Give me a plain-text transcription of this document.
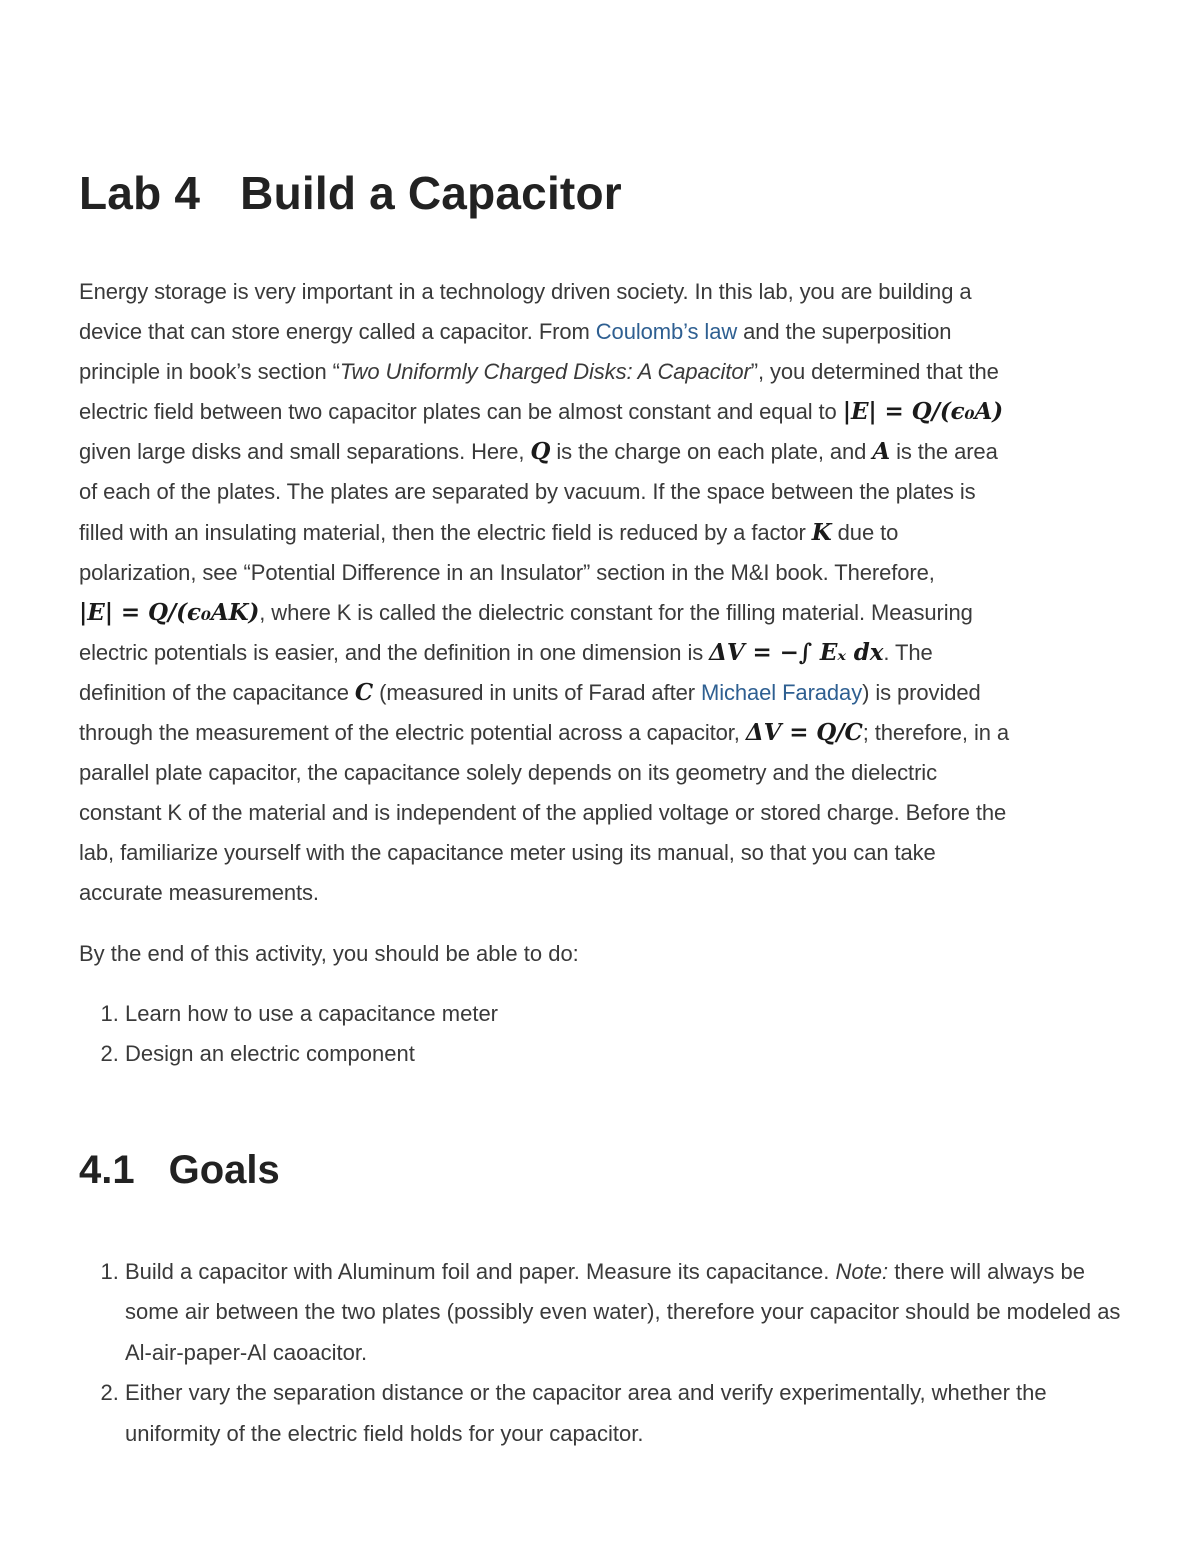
Lab 4 Build a Capacitor
Energy storage is very important in a technology driven society. In this lab, you are building a
device that can store energy called a capacitor. From Coulomb’s law and the superposition
principle in book’s section “Two Uniformly Charged Disks: A Capacitor”, you determined that the
electric field between two capacitor plates can be almost constant and equal to |E| = Q/(ϵ₀A)
given large disks and small separations. Here, Q is the charge on each plate, and A is the area
of each of the plates. The plates are separated by vacuum. If the space between the plates is
filled with an insulating material, then the electric field is reduced by a factor K due to
polarization, see “Potential Difference in an Insulator” section in the M&I book. Therefore,
|E| = Q/(ϵ₀AK), where K is called the dielectric constant for the filling material. Measuring
electric potentials is easier, and the definition in one dimension is ΔV = −∫ Eₓ dx. The
definition of the capacitance C (measured in units of Farad after Michael Faraday) is provided
through the measurement of the electric potential across a capacitor, ΔV = Q/C; therefore, in a
parallel plate capacitor, the capacitance solely depends on its geometry and the dielectric
constant K of the material and is independent of the applied voltage or stored charge. Before the
lab, familiarize yourself with the capacitance meter using its manual, so that you can take
accurate measurements.

By the end of this activity, you should be able to do:

1. Learn how to use a capacitance meter
2. Design an electric component
4.1 Goals
1. Build a capacitor with Aluminum foil and paper. Measure its capacitance. Note: there will always be some air between the two plates (possibly even water), therefore your capacitor should be modeled as Al-air-paper-Al caoacitor.
2. Either vary the separation distance or the capacitor area and verify experimentally, whether the uniformity of the electric field holds for your capacitor.
